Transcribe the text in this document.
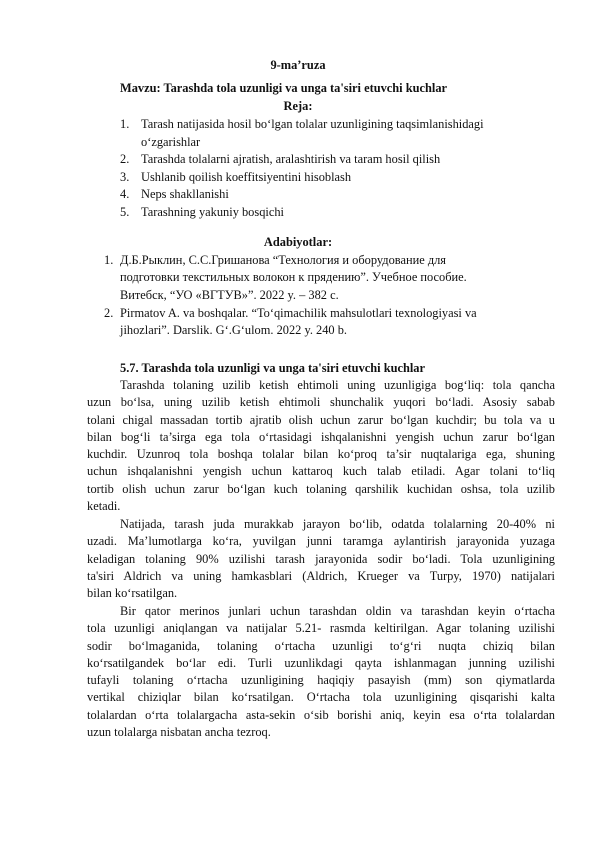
9-ma’ruza
Mavzu: Tarashda tola uzunligi va unga ta'siri etuvchi kuchlar
Reja:
1. Tarash natijasida hosil bo‘lgan tolalar uzunligining taqsimlanishidagi
o‘zgarishlar
2. Tarashda tolalarni ajratish, aralashtirish va taram hosil qilish
3. Ushlanib qoilish koeffitsiyentini hisoblash
4. Neps shakllanishi
5. Tarashning yakuniy bosqichi
Adabiyotlar:
1. Д.Б.Рыклин, С.С.Гришанова “Технология и оборудование для
подготовки текстильных волокон к прядению”. Учебное пособие.
Витебск, “УО «ВГТУВ»”. 2022 y. – 382 c.
2. Pirmatov A. va boshqalar. “To‘qimachilik mahsulotlari texnologiyasi va
jihozlari”. Darslik. G‘.G‘ulom. 2022 y. 240 b.
5.7. Tarashda tola uzunligi va unga ta'siri etuvchi kuchlar
Tarashda tolaning uzilib ketish ehtimoli uning uzunligiga bog‘liq: tola qancha
uzun bo‘lsa, uning uzilib ketish ehtimoli shunchalik yuqori bo‘ladi. Asosiy sabab
tolani chigal massadan tortib ajratib olish uchun zarur bo‘lgan kuchdir; bu tola va u
bilan bog‘li ta’sirga ega tola o‘rtasidagi ishqalanishni yengish uchun zarur bo‘lgan
kuchdir. Uzunroq tola boshqa tolalar bilan ko‘proq ta’sir nuqtalariga ega, shuning
uchun ishqalanishni yengish uchun kattaroq kuch talab etiladi. Agar tolani to‘liq
tortib olish uchun zarur bo‘lgan kuch tolaning qarshilik kuchidan oshsa, tola uzilib
ketadi.
Natijada, tarash juda murakkab jarayon bo‘lib, odatda tolalarning 20-40% ni
uzadi. Ma’lumotlarga ko‘ra, yuvilgan junni taramga aylantirish jarayonida yuzaga
keladigan tolaning 90% uzilishi tarash jarayonida sodir bo‘ladi. Tola uzunligining
ta'siri Aldrich va uning hamkasblari (Aldrich, Krueger va Turpy, 1970) natijalari
bilan ko‘rsatilgan.
Bir qator merinos junlari uchun tarashdan oldin va tarashdan keyin o‘rtacha
tola uzunligi aniqlangan va natijalar 5.21- rasmda keltirilgan. Agar tolaning uzilishi
sodir bo‘lmaganida, tolaning o‘rtacha uzunligi to‘g‘ri nuqta chiziq bilan
ko‘rsatilgandek bo‘lar edi. Turli uzunlikdagi qayta ishlanmagan junning uzilishi
tufayli tolaning o‘rtacha uzunligining haqiqiy pasayish (mm) son qiymatlarda
vertikal chiziqlar bilan ko‘rsatilgan. O‘rtacha tola uzunligining qisqarishi kalta
tolalardan o‘rta tolalargacha asta-sekin o‘sib borishi aniq, keyin esa o‘rta tolalardan
uzun tolalarga nisbatan ancha tezroq.
